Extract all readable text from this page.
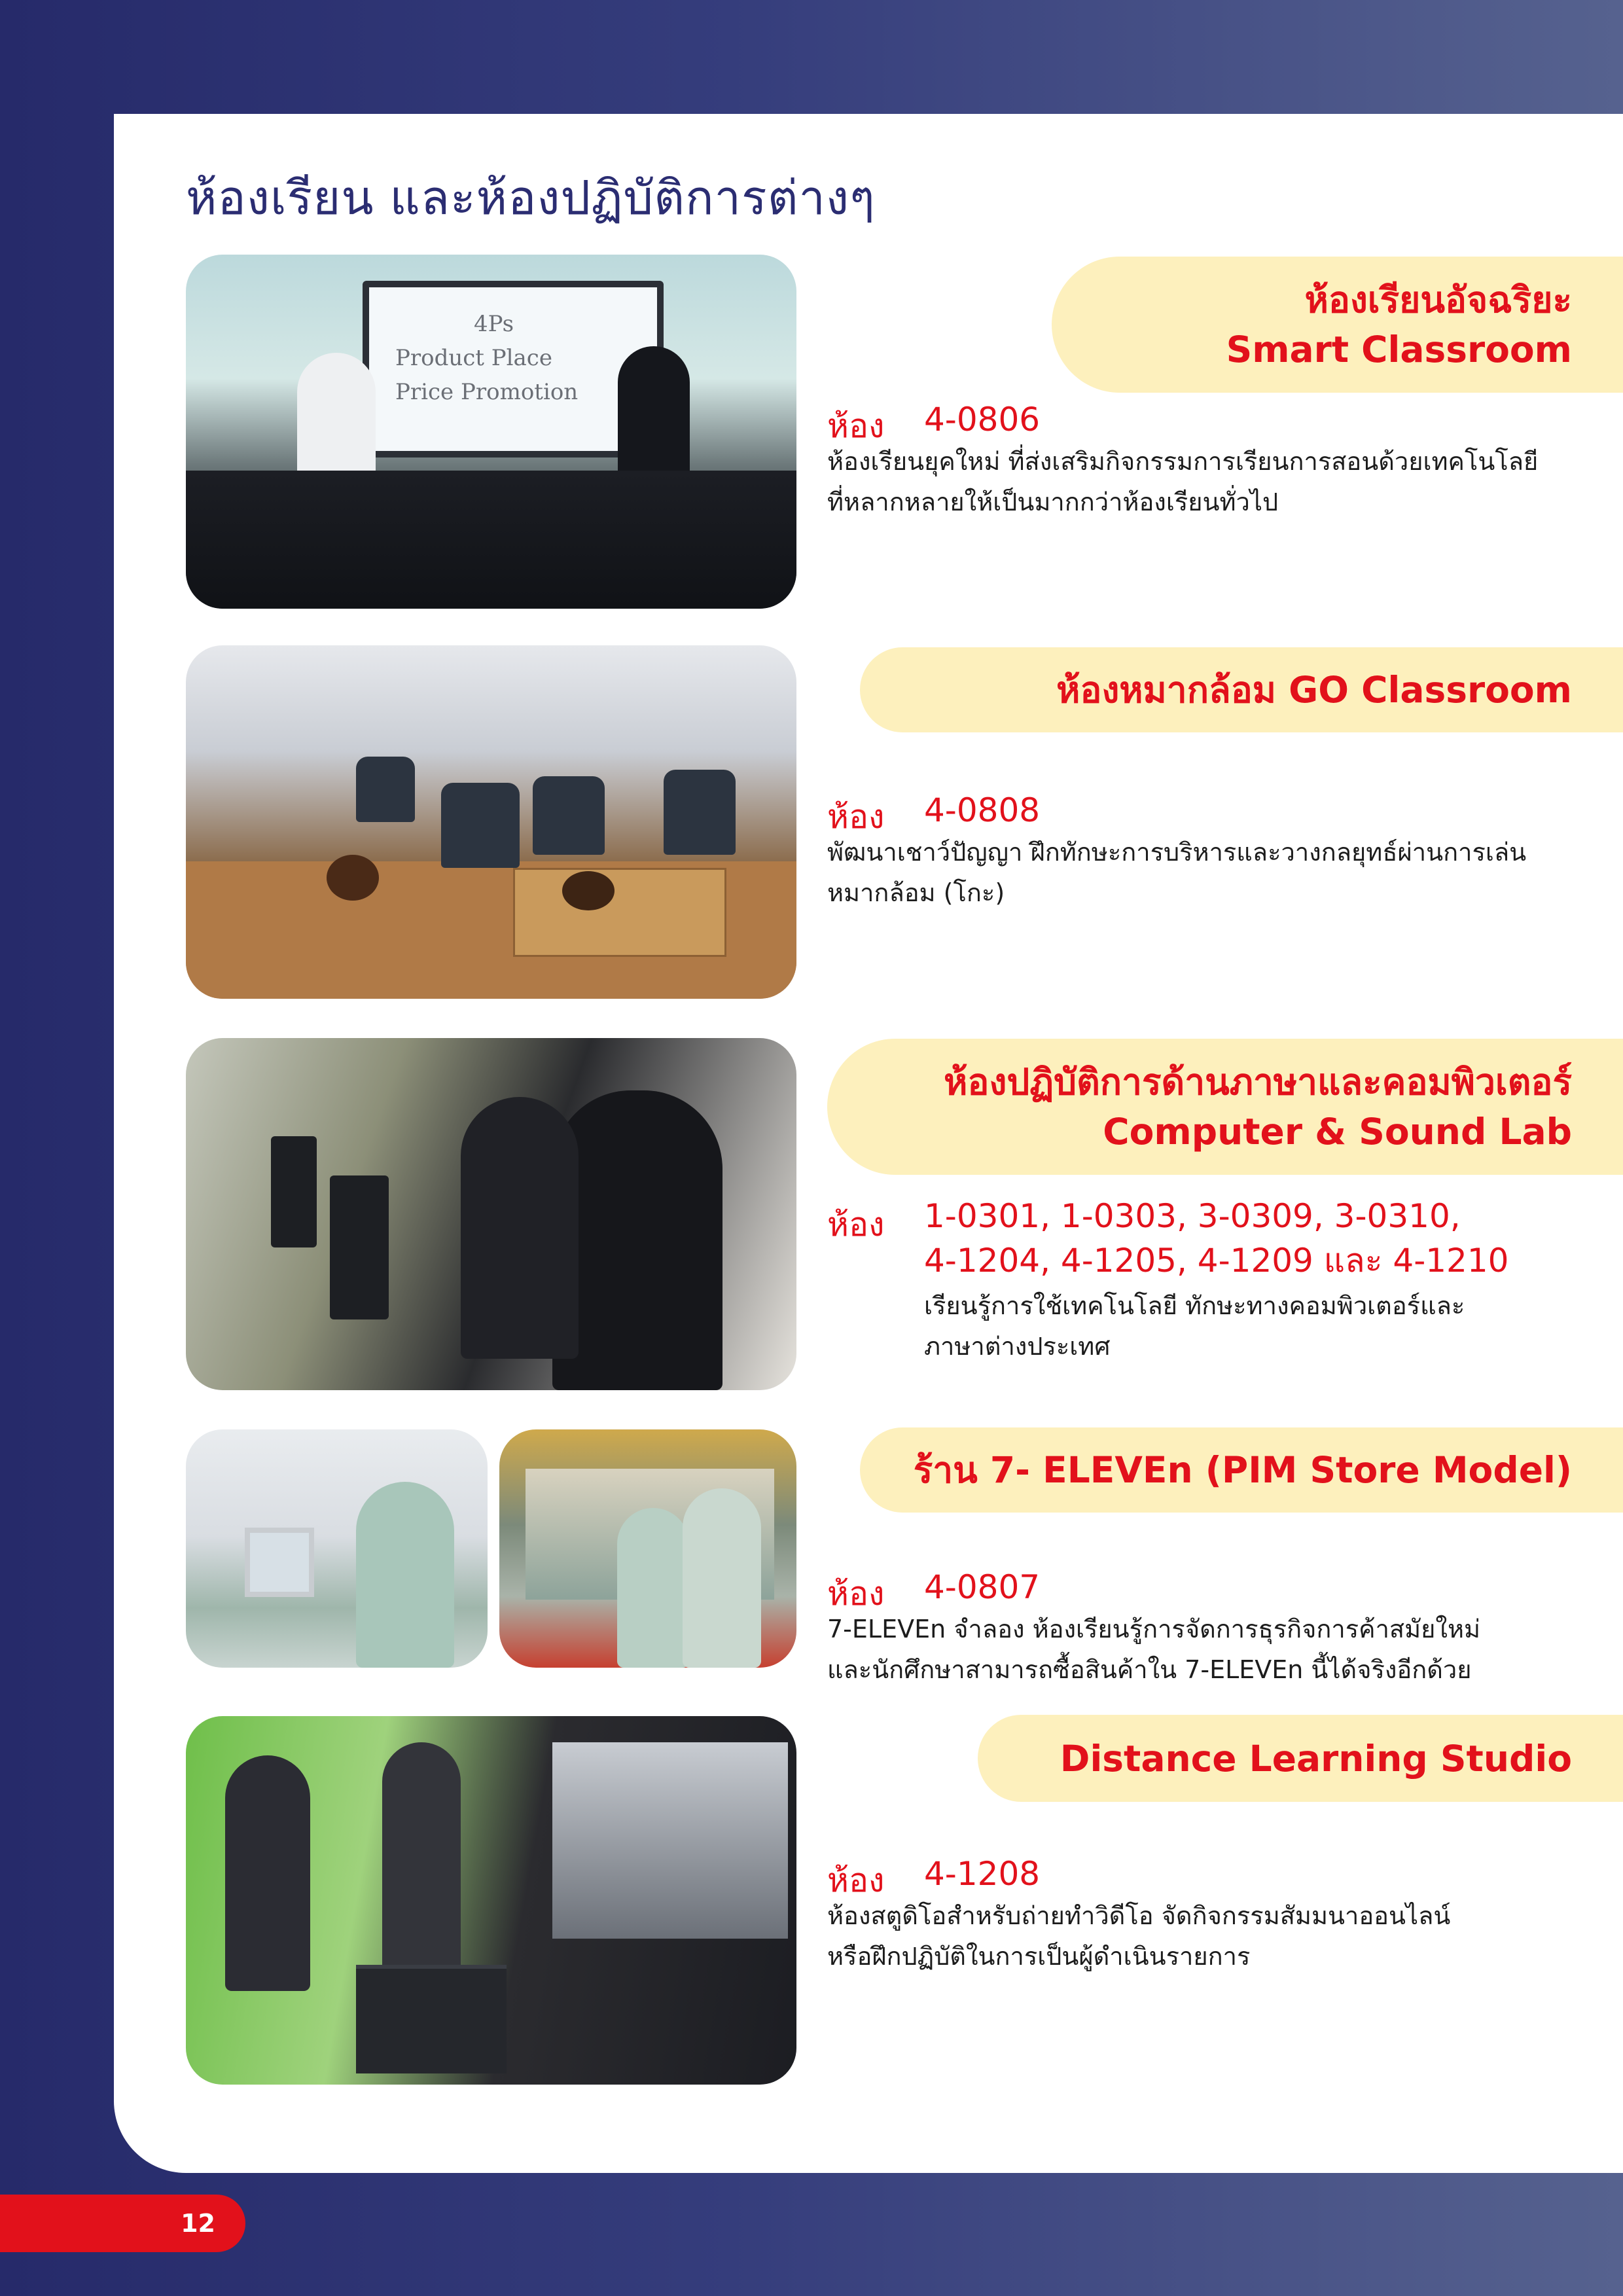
ห้องเรียน และห้องปฏิบัติการต่างๆ
4Ps
Product Place
Price Promotion
ห้องเรียนอัจฉริยะ
Smart Classroom
ห้อง 4-0806
ห้องเรียนยุคใหม่ ที่ส่งเสริมกิจกรรมการเรียนการสอนด้วยเทคโนโลยี
ที่หลากหลายให้เป็นมากกว่าห้องเรียนทั่วไป
ห้องหมากล้อม GO Classroom
ห้อง 4-0808
พัฒนาเชาว์ปัญญา ฝึกทักษะการบริหารและวางกลยุทธ์ผ่านการเล่น
หมากล้อม (โกะ)
ห้องปฏิบัติการด้านภาษาและคอมพิวเตอร์
Computer & Sound Lab
ห้อง 1-0301, 1-0303, 3-0309, 3-0310,
4-1204, 4-1205, 4-1209 และ 4-1210
เรียนรู้การใช้เทคโนโลยี ทักษะทางคอมพิวเตอร์และ
ภาษาต่างประเทศ
ร้าน 7- ELEVEn (PIM Store Model)
ห้อง 4-0807
7-ELEVEn จำลอง ห้องเรียนรู้การจัดการธุรกิจการค้าสมัยใหม่
และนักศึกษาสามารถซื้อสินค้าใน 7-ELEVEn นี้ได้จริงอีกด้วย
Distance Learning Studio
ห้อง 4-1208
ห้องสตูดิโอสำหรับถ่ายทำวิดีโอ จัดกิจกรรมสัมมนาออนไลน์
หรือฝึกปฏิบัติในการเป็นผู้ดำเนินรายการ
12
